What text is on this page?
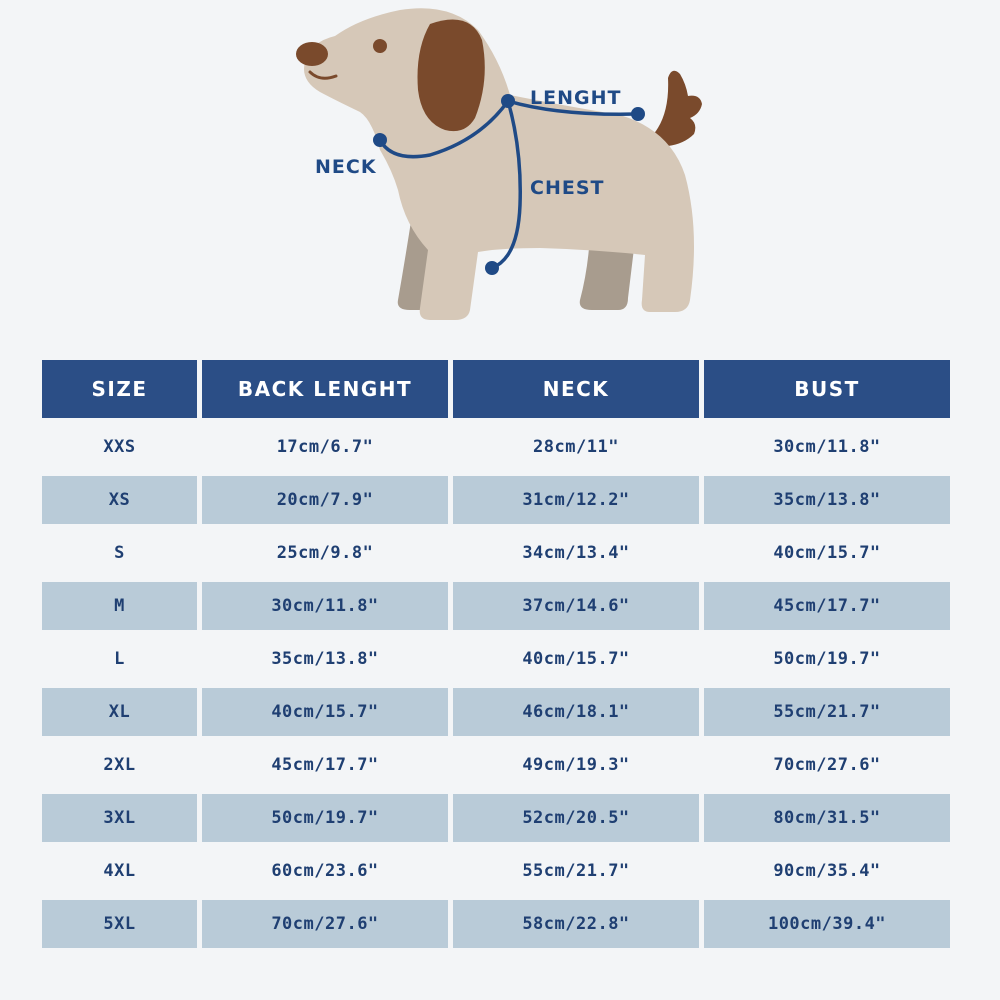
LENGHT
NECK
CHEST
SIZE	BACK LENGHT	NECK	BUST
XXS	17cm/6.7"	28cm/11"	30cm/11.8"
XS	20cm/7.9"	31cm/12.2"	35cm/13.8"
S	25cm/9.8"	34cm/13.4"	40cm/15.7"
M	30cm/11.8"	37cm/14.6"	45cm/17.7"
L	35cm/13.8"	40cm/15.7"	50cm/19.7"
XL	40cm/15.7"	46cm/18.1"	55cm/21.7"
2XL	45cm/17.7"	49cm/19.3"	70cm/27.6"
3XL	50cm/19.7"	52cm/20.5"	80cm/31.5"
4XL	60cm/23.6"	55cm/21.7"	90cm/35.4"
5XL	70cm/27.6"	58cm/22.8"	100cm/39.4"
